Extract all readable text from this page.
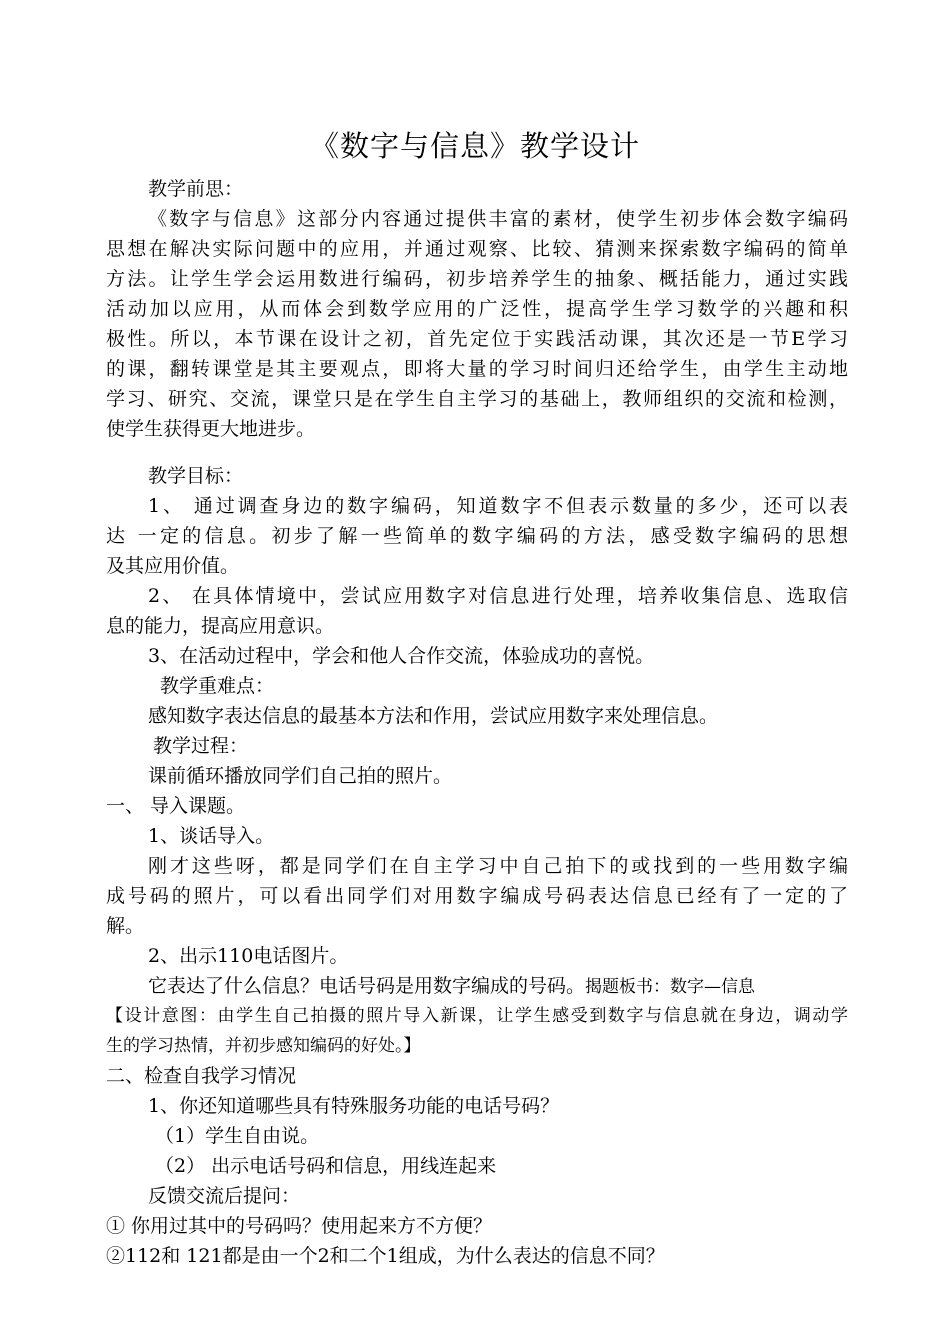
《数字与信息》教学设计
教学前思：
《数字与信息》这部分内容通过提供丰富的素材，使学生初步体会数字编码
思想在解决实际问题中的应用，并通过观察、比较、猜测来探索数字编码的简单
方法。让学生学会运用数进行编码，初步培养学生的抽象、概括能力，通过实践
活动加以应用，从而体会到数学应用的广泛性，提高学生学习数学的兴趣和积
极性。所以，本节课在设计之初，首先定位于实践活动课，其次还是一节E学习
的课，翻转课堂是其主要观点，即将大量的学习时间归还给学生，由学生主动地
学习、研究、交流，课堂只是在学生自主学习的基础上，教师组织的交流和检测，
使学生获得更大地进步。
教学目标：
1、 通过调查身边的数字编码，知道数字不但表示数量的多少，还可以表
达 一定的信息。初步了解一些简单的数字编码的方法，感受数字编码的思想
及其应用价值。
2、 在具体情境中，尝试应用数字对信息进行处理，培养收集信息、选取信
息的能力，提高应用意识。
3、在活动过程中，学会和他人合作交流，体验成功的喜悦。
教学重难点：
感知数字表达信息的最基本方法和作用，尝试应用数字来处理信息。
教学过程：
课前循环播放同学们自己拍的照片。
一、 导入课题。
1、谈话导入。
刚才这些呀，都是同学们在自主学习中自己拍下的或找到的一些用数字编
成号码的照片，可以看出同学们对用数字编成号码表达信息已经有了一定的了
解。
2、出示110电话图片。
它表达了什么信息？电话号码是用数字编成的号码。揭题板书：数字—信息
【设计意图：由学生自己拍摄的照片导入新课，让学生感受到数字与信息就在身边，调动学
生的学习热情，并初步感知编码的好处。】
二、检查自我学习情况
1、你还知道哪些具有特殊服务功能的电话号码？
（1）学生自由说。
（2） 出示电话号码和信息，用线连起来
反馈交流后提问：
① 你用过其中的号码吗？使用起来方不方便？
②112和 121都是由一个2和二个1组成，为什么表达的信息不同？
